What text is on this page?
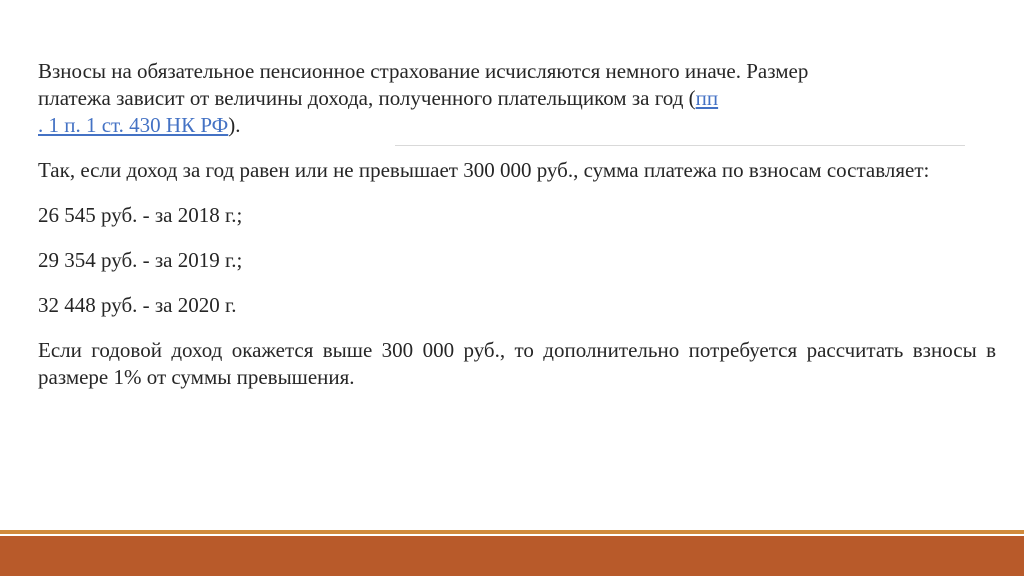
Взносы на обязательное пенсионное страхование исчисляются немного иначе. Размер
платежа зависит от величины дохода, полученного плательщиком за год (пп
. 1 п. 1 ст. 430 НК РФ).

Так, если доход за год равен или не превышает 300 000 руб., сумма платежа по взносам составляет:

26 545 руб. - за 2018 г.;

29 354 руб. - за 2019 г.;

32 448 руб. - за 2020 г.

Если годовой доход окажется выше 300 000 руб., то дополнительно потребуется рассчитать взносы в размере 1% от суммы превышения.
